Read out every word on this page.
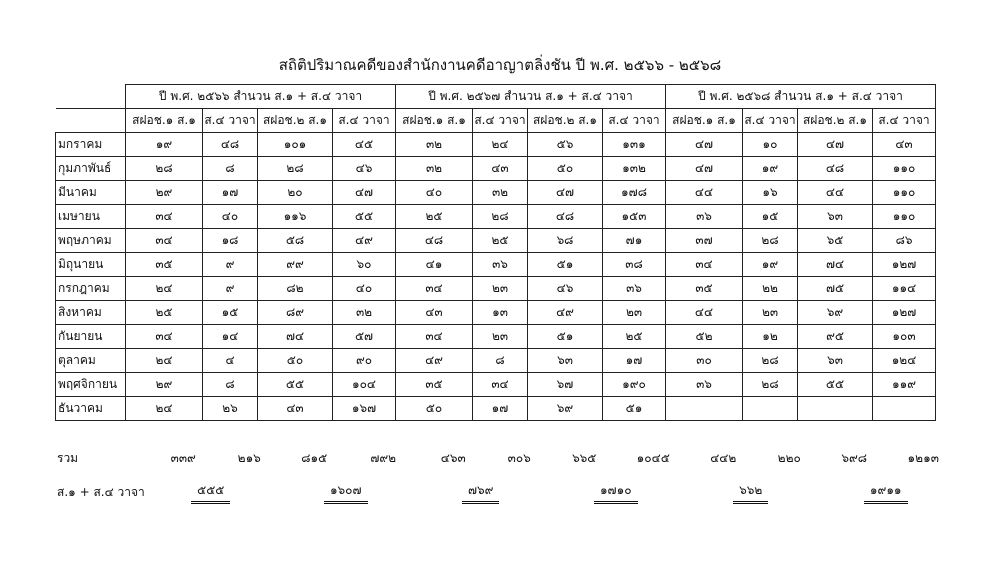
สถิติปริมาณคดีของสำนักงานคดีอาญาตลิ่งชัน ปี พ.ศ. ๒๕๖๖ - ๒๕๖๘
	ปี พ.ศ. ๒๕๖๖ สำนวน ส.๑ + ส.๔ วาจา				ปี พ.ศ. ๒๕๖๗ สำนวน ส.๑ + ส.๔ วาจา				ปี พ.ศ. ๒๕๖๘ สำนวน ส.๑ + ส.๔ วาจา			
	สฝอช.๑ ส.๑	ส.๔ วาจา	สฝอช.๒ ส.๑	ส.๔ วาจา	สฝอช.๑ ส.๑	ส.๔ วาจา	สฝอช.๒ ส.๑	ส.๔ วาจา	สฝอช.๑ ส.๑	ส.๔ วาจา	สฝอช.๒ ส.๑	ส.๔ วาจา
มกราคม	๑๙	๔๘	๑๐๑	๔๕	๓๒	๒๔	๕๖	๑๓๑	๔๗	๑๐	๔๗	๔๓
กุมภาพันธ์	๒๘	๘	๒๘	๔๖	๓๒	๔๓	๕๐	๑๓๒	๔๗	๑๙	๔๘	๑๑๐
มีนาคม	๒๙	๑๗	๒๐	๔๗	๔๐	๓๒	๔๗	๑๗๘	๔๔	๑๖	๔๔	๑๑๐
เมษายน	๓๔	๔๐	๑๑๖	๕๕	๒๕	๒๘	๔๘	๑๕๓	๓๖	๑๕	๖๓	๑๑๐
พฤษภาคม	๓๔	๑๘	๕๘	๔๙	๔๘	๒๕	๖๘	๗๑	๓๗	๒๘	๖๕	๘๖
มิถุนายน	๓๕	๙	๙๙	๖๐	๔๑	๓๖	๕๑	๓๘	๓๔	๑๙	๗๔	๑๒๗
กรกฎาคม	๒๔	๙	๘๒	๔๐	๓๔	๒๓	๔๖	๓๖	๓๕	๒๒	๗๕	๑๑๔
สิงหาคม	๒๕	๑๕	๘๙	๓๒	๔๓	๑๓	๔๙	๒๓	๔๔	๒๓	๖๙	๑๒๗
กันยายน	๓๔	๑๔	๗๔	๕๗	๓๔	๒๓	๕๑	๒๕	๕๒	๑๒	๙๕	๑๐๓
ตุลาคม	๒๔	๔	๕๐	๙๐	๔๙	๘	๖๓	๑๗	๓๐	๒๘	๖๓	๑๒๔
พฤศจิกายน	๒๙	๘	๕๕	๑๐๔	๓๕	๓๔	๖๗	๑๙๐	๓๖	๒๘	๕๕	๑๑๙
ธันวาคม	๒๔	๒๖	๔๓	๑๖๗	๕๐	๑๗	๖๙	๕๑				
รวม	๓๓๙	๒๑๖	๘๑๕	๗๙๒	๔๖๓	๓๐๖	๖๖๕	๑๐๔๕	๔๔๒	๒๒๐	๖๙๘	๑๒๑๓
ส.๑ + ส.๔ วาจา	๕๕๕		๑๖๐๗		๗๖๙		๑๗๑๐		๖๖๒		๑๙๑๑	
